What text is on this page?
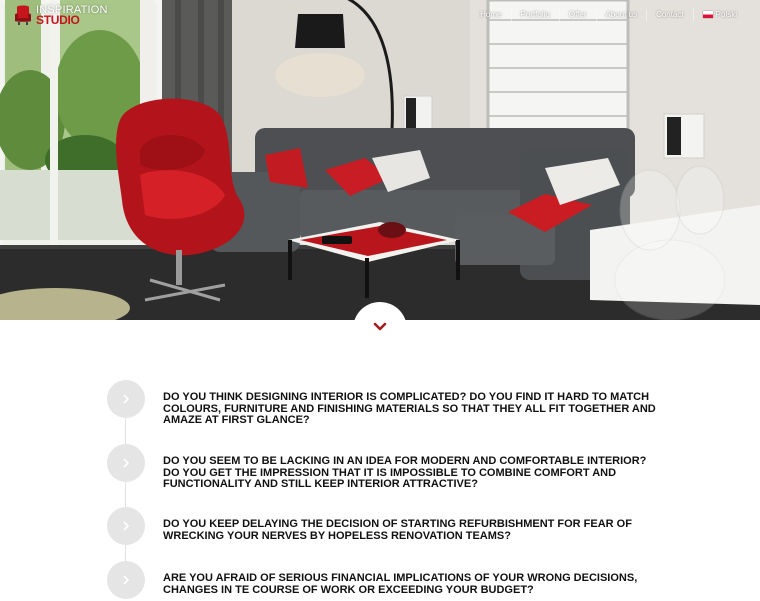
INSPIRATION
STUDIO	Home	Portfolio	Offer	About us	Contact	Polski
DO YOU THINK DESIGNING INTERIOR IS COMPLICATED? DO YOU FIND IT HARD TO MATCH COLOURS, FURNITURE AND FINISHING MATERIALS SO THAT THEY ALL FIT TOGETHER AND AMAZE AT FIRST GLANCE?
DO YOU SEEM TO BE LACKING IN AN IDEA FOR MODERN AND COMFORTABLE INTERIOR? DO YOU GET THE IMPRESSION THAT IT IS IMPOSSIBLE TO COMBINE COMFORT AND FUNCTIONALITY AND STILL KEEP INTERIOR ATTRACTIVE?
DO YOU KEEP DELAYING THE DECISION OF STARTING REFURBISHMENT FOR FEAR OF WRECKING YOUR NERVES BY HOPELESS RENOVATION TEAMS?
ARE YOU AFRAID OF SERIOUS FINANCIAL IMPLICATIONS OF YOUR WRONG DECISIONS, CHANGES IN TE COURSE OF WORK OR EXCEEDING YOUR BUDGET?
